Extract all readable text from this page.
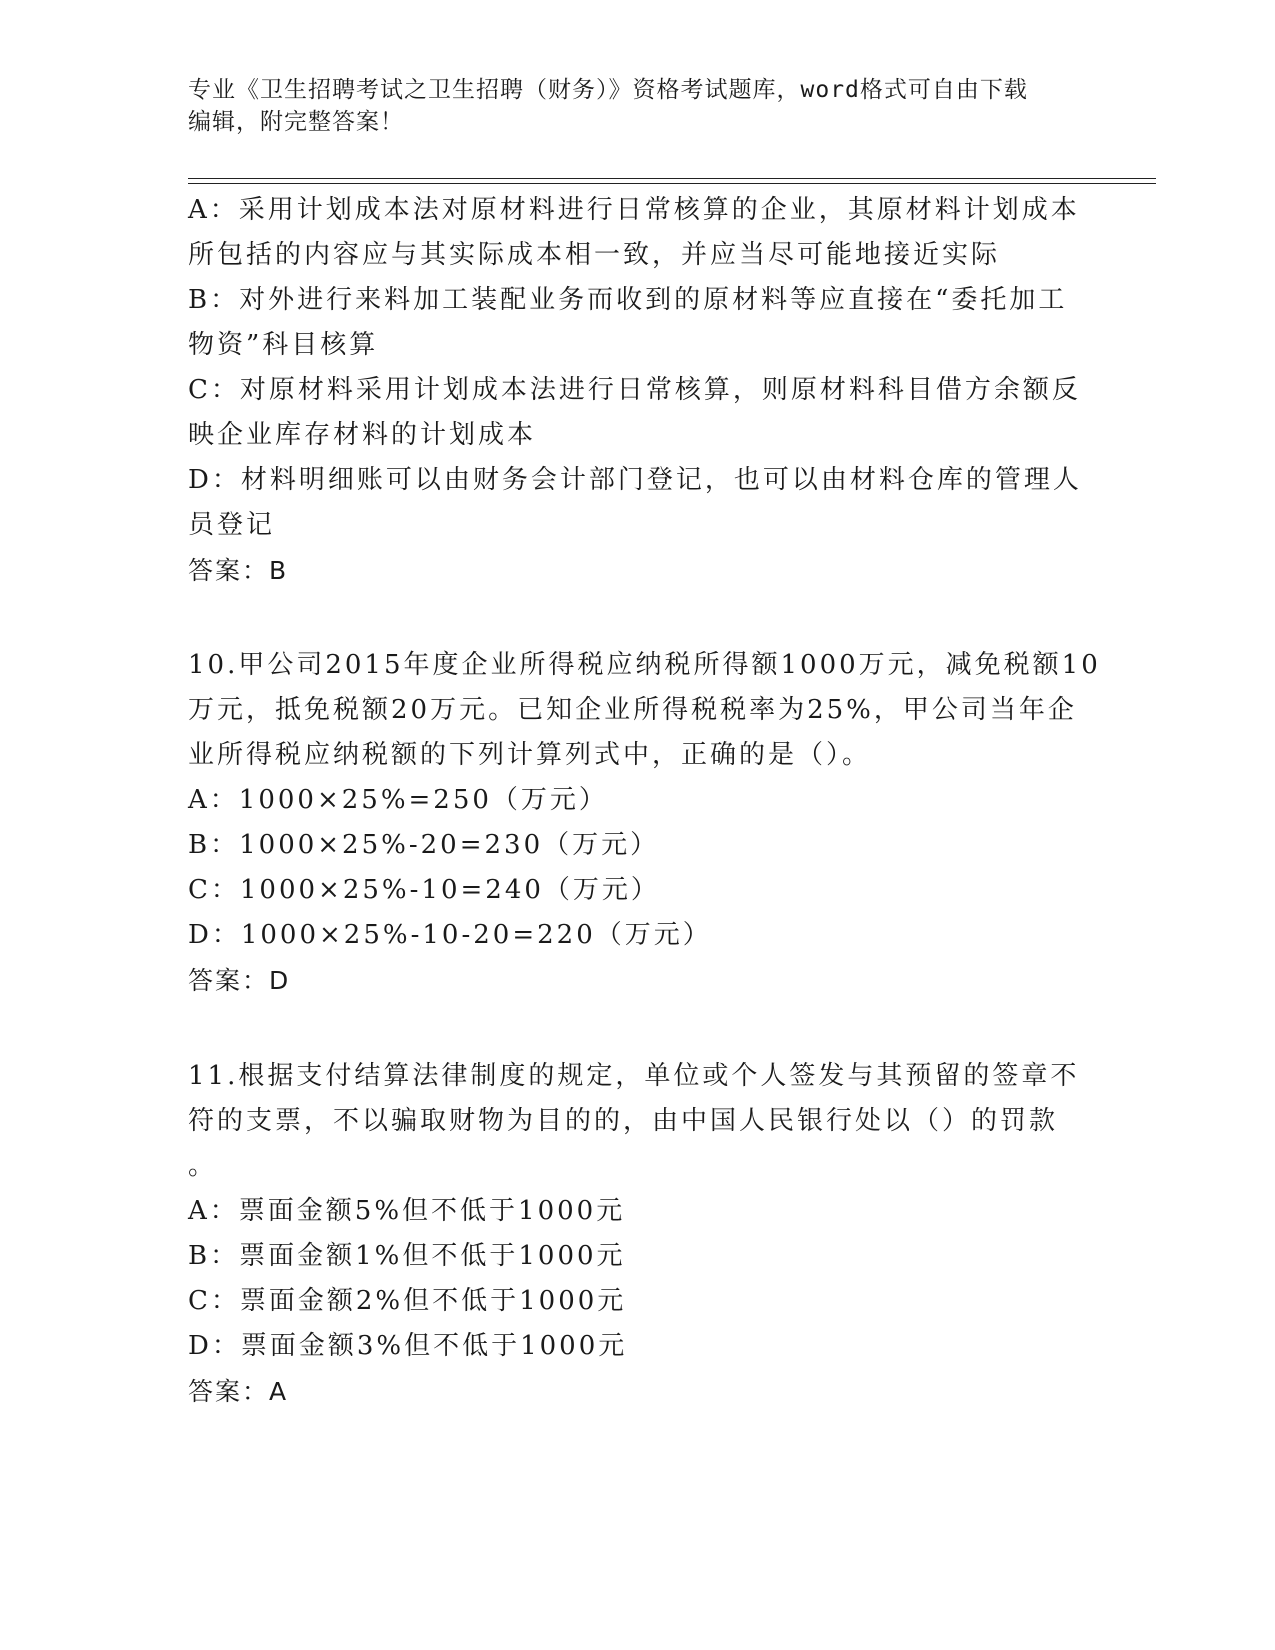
专业《卫生招聘考试之卫生招聘（财务）》资格考试题库，word格式可自由下载
编辑，附完整答案！
A：采用计划成本法对原材料进行日常核算的企业，其原材料计划成本
所包括的内容应与其实际成本相一致，并应当尽可能地接近实际
B：对外进行来料加工装配业务而收到的原材料等应直接在“委托加工
物资”科目核算
C：对原材料采用计划成本法进行日常核算，则原材料科目借方余额反
映企业库存材料的计划成本
D：材料明细账可以由财务会计部门登记，也可以由材料仓库的管理人
员登记
答案：B
10.甲公司2015年度企业所得税应纳税所得额1000万元，减免税额10
万元，抵免税额20万元。已知企业所得税税率为25%，甲公司当年企
业所得税应纳税额的下列计算列式中，正确的是（）。
A：1000×25%=250（万元）
B：1000×25%-20=230（万元）
C：1000×25%-10=240（万元）
D：1000×25%-10-20=220（万元）
答案：D
11.根据支付结算法律制度的规定，单位或个人签发与其预留的签章不
符的支票，不以骗取财物为目的的，由中国人民银行处以（）的罚款
。
A：票面金额5%但不低于1000元
B：票面金额1%但不低于1000元
C：票面金额2%但不低于1000元
D：票面金额3%但不低于1000元
答案：A
